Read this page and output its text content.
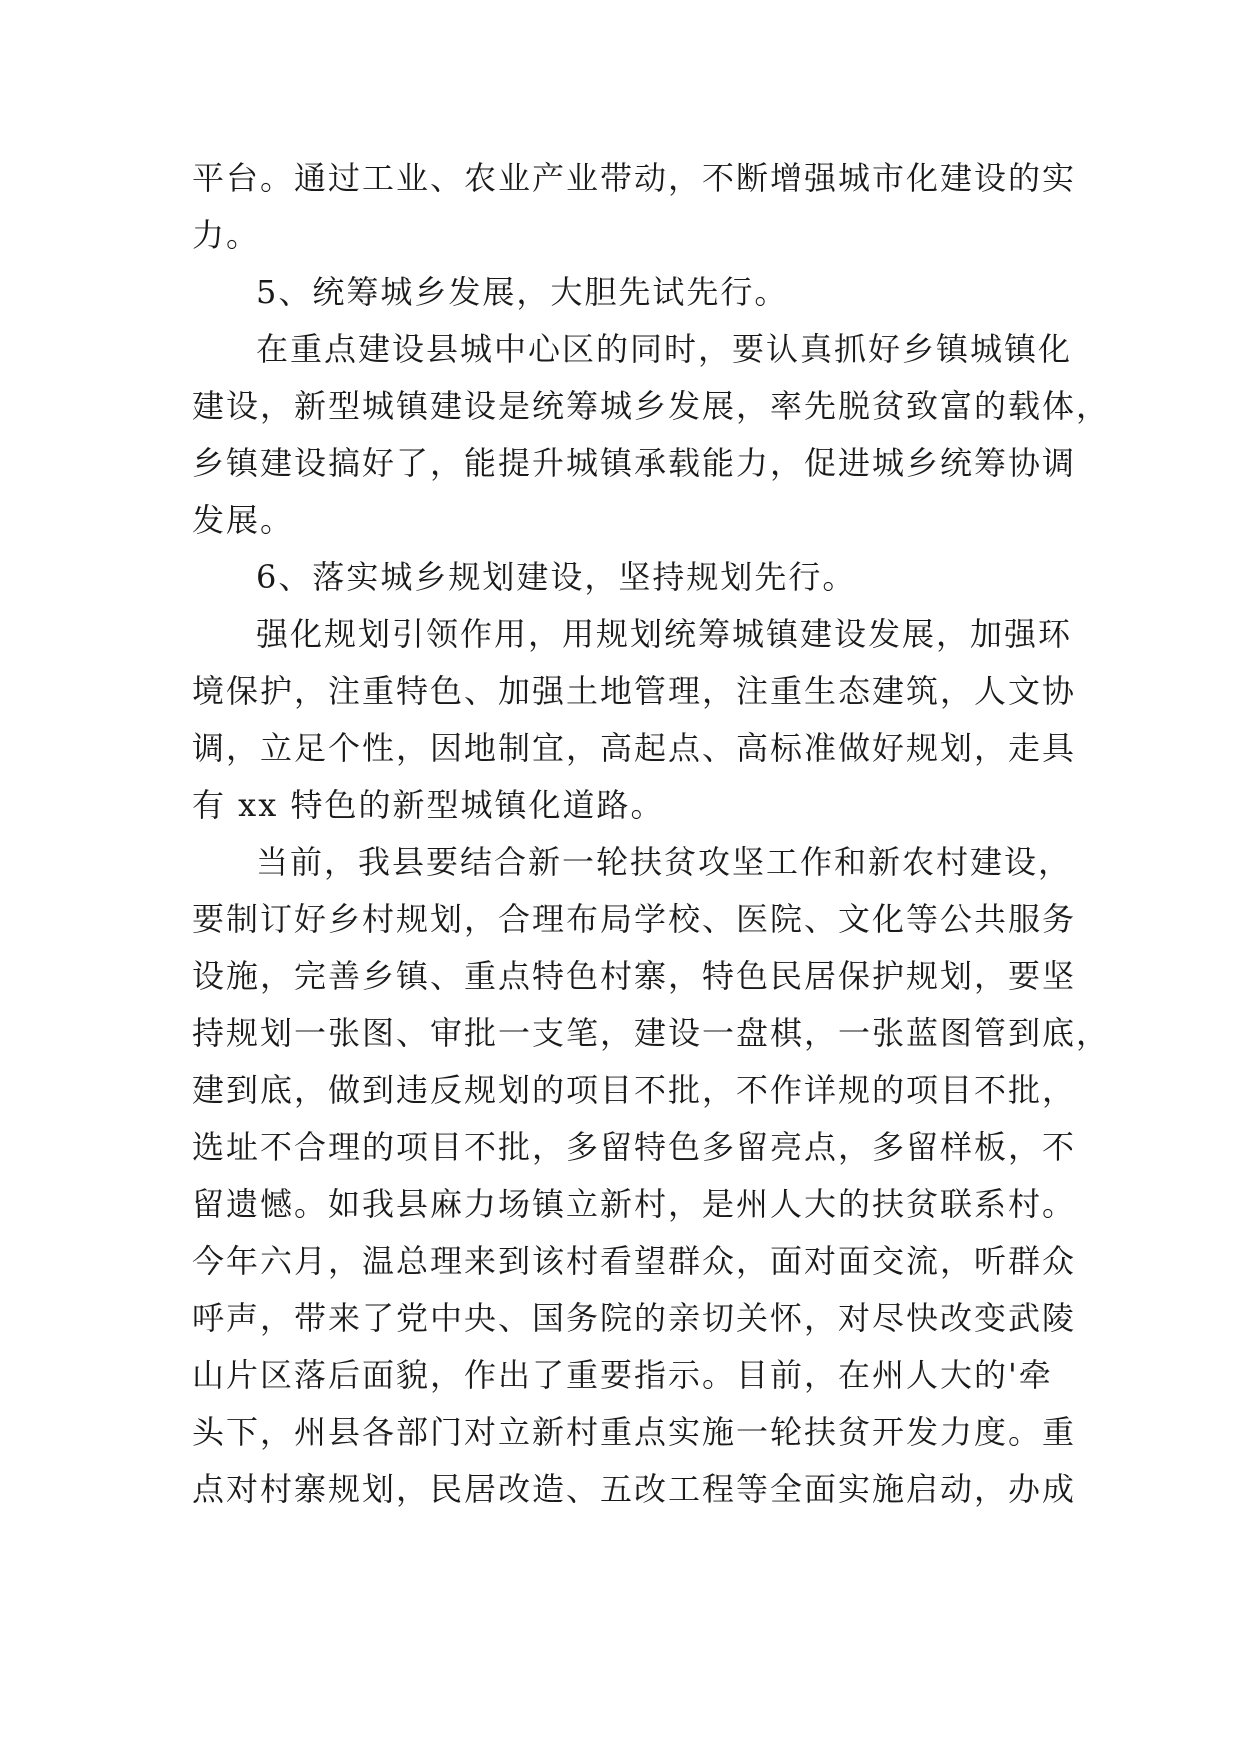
平台。通过工业、农业产业带动，不断增强城市化建设的实
力。
5、统筹城乡发展，大胆先试先行。
在重点建设县城中心区的同时，要认真抓好乡镇城镇化
建设，新型城镇建设是统筹城乡发展，率先脱贫致富的载体，
乡镇建设搞好了，能提升城镇承载能力，促进城乡统筹协调
发展。
6、落实城乡规划建设，坚持规划先行。
强化规划引领作用，用规划统筹城镇建设发展，加强环
境保护，注重特色、加强土地管理，注重生态建筑，人文协
调，立足个性，因地制宜，高起点、高标准做好规划，走具
有 xx 特色的新型城镇化道路。
当前，我县要结合新一轮扶贫攻坚工作和新农村建设，
要制订好乡村规划，合理布局学校、医院、文化等公共服务
设施，完善乡镇、重点特色村寨，特色民居保护规划，要坚
持规划一张图、审批一支笔，建设一盘棋，一张蓝图管到底，
建到底，做到违反规划的项目不批，不作详规的项目不批，
选址不合理的项目不批，多留特色多留亮点，多留样板，不
留遗憾。如我县麻力场镇立新村，是州人大的扶贫联系村。
今年六月，温总理来到该村看望群众，面对面交流，听群众
呼声，带来了党中央、国务院的亲切关怀，对尽快改变武陵
山片区落后面貌，作出了重要指示。目前，在州人大的'牵
头下，州县各部门对立新村重点实施一轮扶贫开发力度。重
点对村寨规划，民居改造、五改工程等全面实施启动，办成
